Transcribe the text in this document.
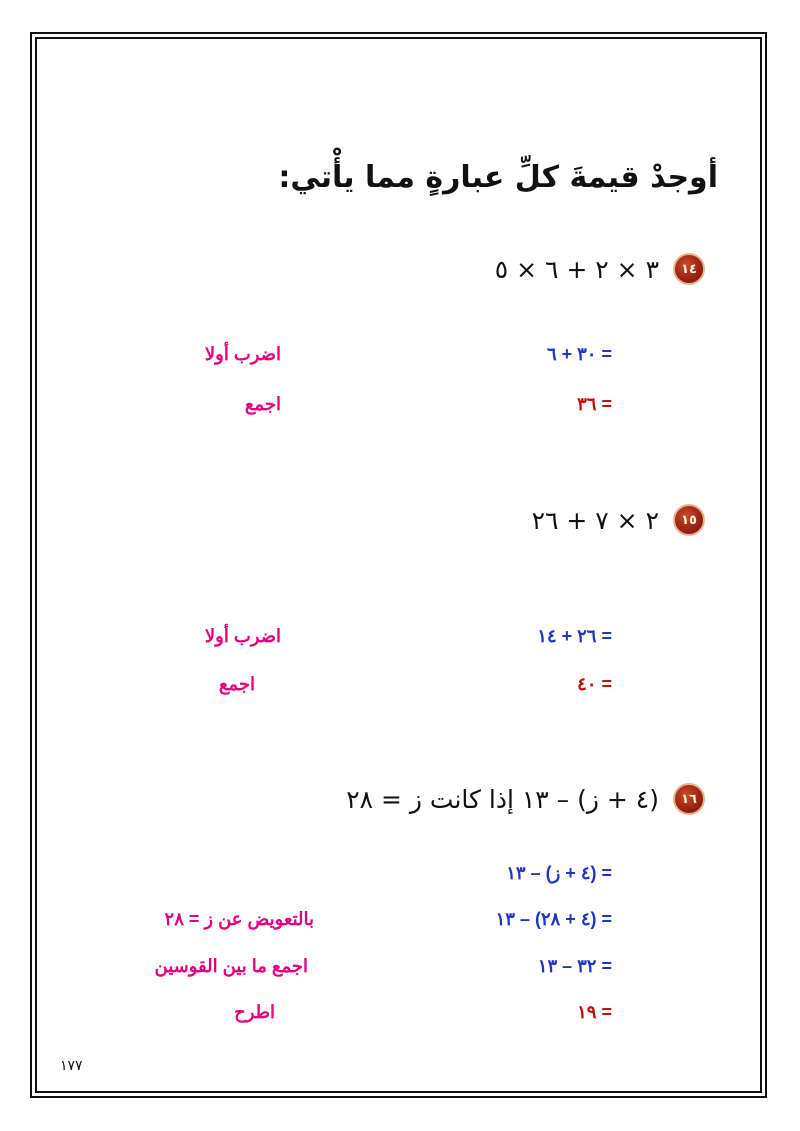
أوجدْ قيمةَ كلِّ عبارةٍ مما يأْتي:
١٤
٣ × ٢ + ٦ × ٥
= ٣٠ + ٦
اضرب أولا
= ٣٦
اجمع
١٥
٢ × ٧ + ٢٦
= ٢٦ + ١٤
اضرب أولا
= ٤٠
اجمع
١٦
(٤ + ز) – ١٣ إذا كانت ز = ٢٨
= (٤ + ز) – ١٣
= (٤ + ٢٨) – ١٣
بالتعويض عن ز = ٢٨
= ٣٢ – ١٣
اجمع ما بين القوسين
= ١٩
اطرح
١٧٧
